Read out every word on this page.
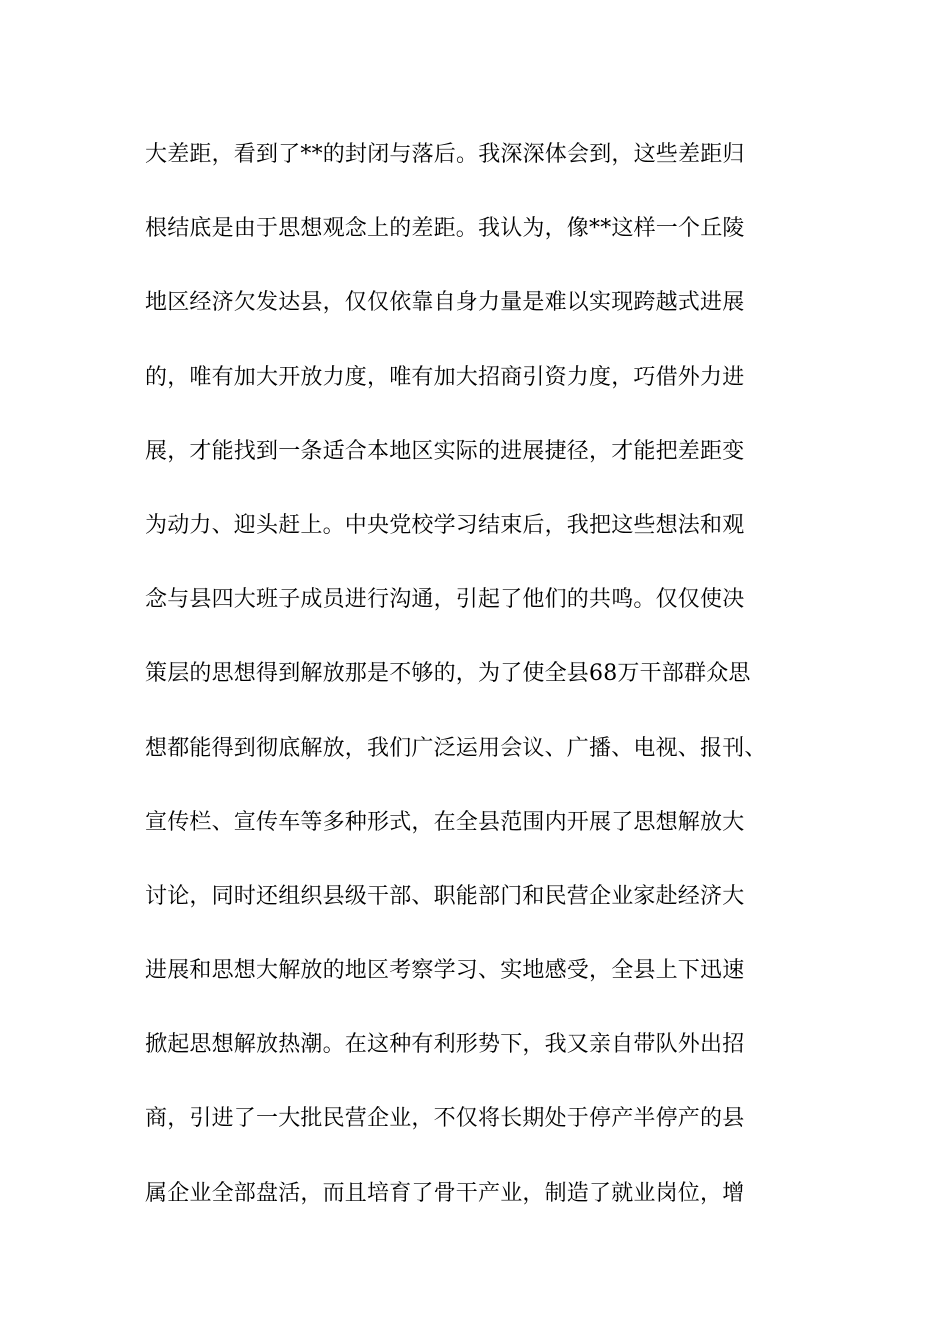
大差距，看到了**的封闭与落后。我深深体会到，这些差距归
根结底是由于思想观念上的差距。我认为，像**这样一个丘陵
地区经济欠发达县，仅仅依靠自身力量是难以实现跨越式进展
的，唯有加大开放力度，唯有加大招商引资力度，巧借外力进
展，才能找到一条适合本地区实际的进展捷径，才能把差距变
为动力、迎头赶上。中央党校学习结束后，我把这些想法和观
念与县四大班子成员进行沟通，引起了他们的共鸣。仅仅使决
策层的思想得到解放那是不够的，为了使全县68万干部群众思
想都能得到彻底解放，我们广泛运用会议、广播、电视、报刊、
宣传栏、宣传车等多种形式，在全县范围内开展了思想解放大
讨论，同时还组织县级干部、职能部门和民营企业家赴经济大
进展和思想大解放的地区考察学习、实地感受，全县上下迅速
掀起思想解放热潮。在这种有利形势下，我又亲自带队外出招
商，引进了一大批民营企业，不仅将长期处于停产半停产的县
属企业全部盘活，而且培育了骨干产业，制造了就业岗位，增
